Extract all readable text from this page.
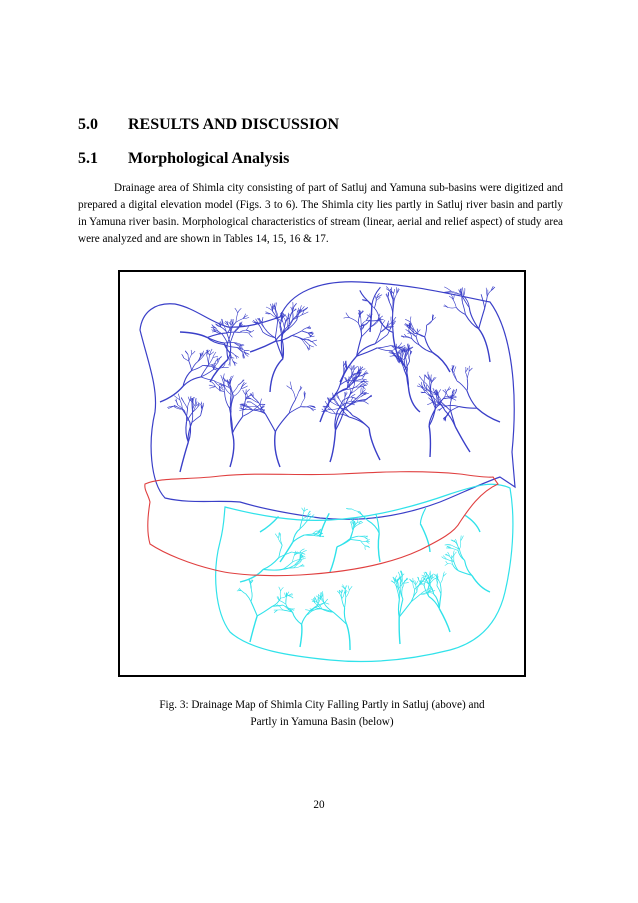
5.0	RESULTS AND DISCUSSION
5.1	Morphological Analysis

Drainage area of Shimla city consisting of part of Satluj and Yamuna sub-basins were digitized and prepared a digital elevation model (Figs. 3 to 6). The Shimla city lies partly in Satluj river basin and partly in Yamuna river basin. Morphological characteristics of stream (linear, aerial and relief aspect) of study area were analyzed and are shown in Tables 14, 15, 16 & 17.

Fig. 3: Drainage Map of Shimla City Falling Partly in Satluj (above) and
Partly in Yamuna Basin (below)
20
